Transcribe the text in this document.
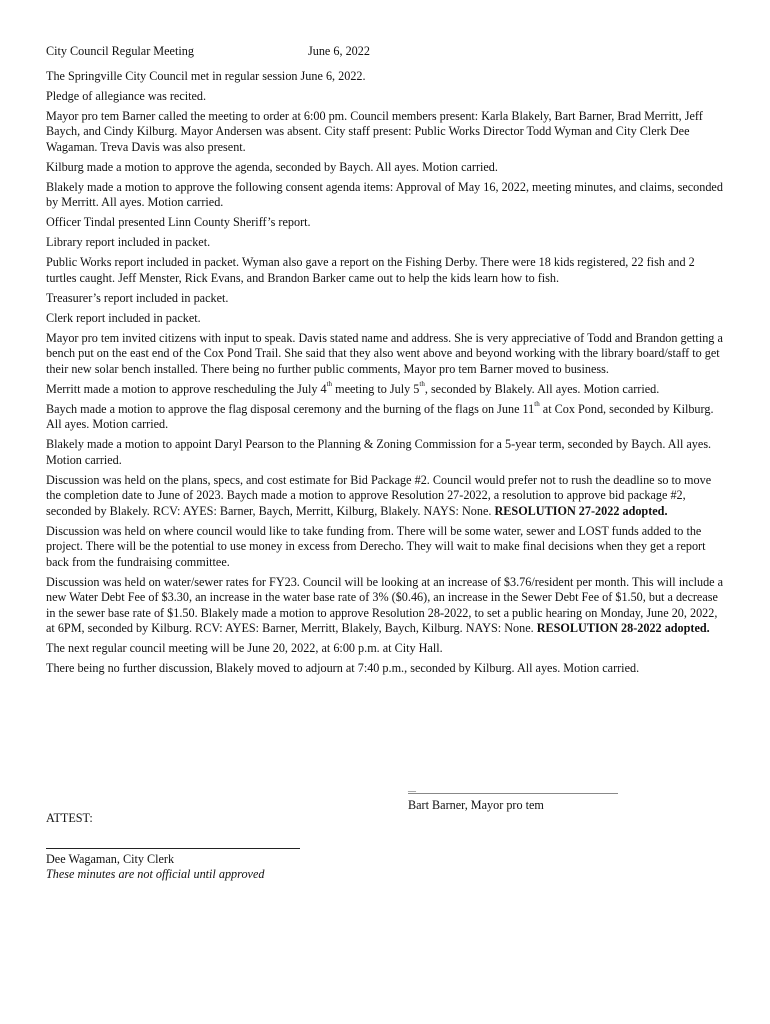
City Council Regular Meeting	June 6, 2022

The Springville City Council met in regular session June 6, 2022.

Pledge of allegiance was recited.

Mayor pro tem Barner called the meeting to order at 6:00 pm. Council members present: Karla Blakely, Bart Barner, Brad Merritt, Jeff Baych, and Cindy Kilburg. Mayor Andersen was absent. City staff present: Public Works Director Todd Wyman and City Clerk Dee Wagaman. Treva Davis was also present.

Kilburg made a motion to approve the agenda, seconded by Baych. All ayes. Motion carried.

Blakely made a motion to approve the following consent agenda items: Approval of May 16, 2022, meeting minutes, and claims, seconded by Merritt. All ayes. Motion carried.

Officer Tindal presented Linn County Sheriff’s report.

Library report included in packet.

Public Works report included in packet. Wyman also gave a report on the Fishing Derby. There were 18 kids registered, 22 fish and 2 turtles caught. Jeff Menster, Rick Evans, and Brandon Barker came out to help the kids learn how to fish.

Treasurer’s report included in packet.

Clerk report included in packet.

Mayor pro tem invited citizens with input to speak. Davis stated name and address. She is very appreciative of Todd and Brandon getting a bench put on the east end of the Cox Pond Trail. She said that they also went above and beyond working with the library board/staff to get their new solar bench installed. There being no further public comments, Mayor pro tem Barner moved to business.

Merritt made a motion to approve rescheduling the July 4th meeting to July 5th, seconded by Blakely. All ayes. Motion carried.

Baych made a motion to approve the flag disposal ceremony and the burning of the flags on June 11th at Cox Pond, seconded by Kilburg. All ayes. Motion carried.

Blakely made a motion to appoint Daryl Pearson to the Planning & Zoning Commission for a 5-year term, seconded by Baych. All ayes. Motion carried.

Discussion was held on the plans, specs, and cost estimate for Bid Package #2. Council would prefer not to rush the deadline so to move the completion date to June of 2023. Baych made a motion to approve Resolution 27-2022, a resolution to approve bid package #2, seconded by Blakely. RCV: AYES: Barner, Baych, Merritt, Kilburg, Blakely. NAYS: None. RESOLUTION 27-2022 adopted.

Discussion was held on where council would like to take funding from. There will be some water, sewer and LOST funds added to the project. There will be the potential to use money in excess from Derecho. They will wait to make final decisions when they get a report back from the fundraising committee.

Discussion was held on water/sewer rates for FY23. Council will be looking at an increase of $3.76/resident per month. This will include a new Water Debt Fee of $3.30, an increase in the water base rate of 3% ($0.46), an increase in the Sewer Debt Fee of $1.50, but a decrease in the sewer base rate of $1.50. Blakely made a motion to approve Resolution 28-2022, to set a public hearing on Monday, June 20, 2022, at 6PM, seconded by Kilburg. RCV: AYES: Barner, Merritt, Blakely, Baych, Kilburg. NAYS: None. RESOLUTION 28-2022 adopted.

The next regular council meeting will be June 20, 2022, at 6:00 p.m. at City Hall.

There being no further discussion, Blakely moved to adjourn at 7:40 p.m., seconded by Kilburg. All ayes. Motion carried.

__
Bart Barner, Mayor pro tem
ATTEST:
Dee Wagaman, City Clerk
These minutes are not official until approved
